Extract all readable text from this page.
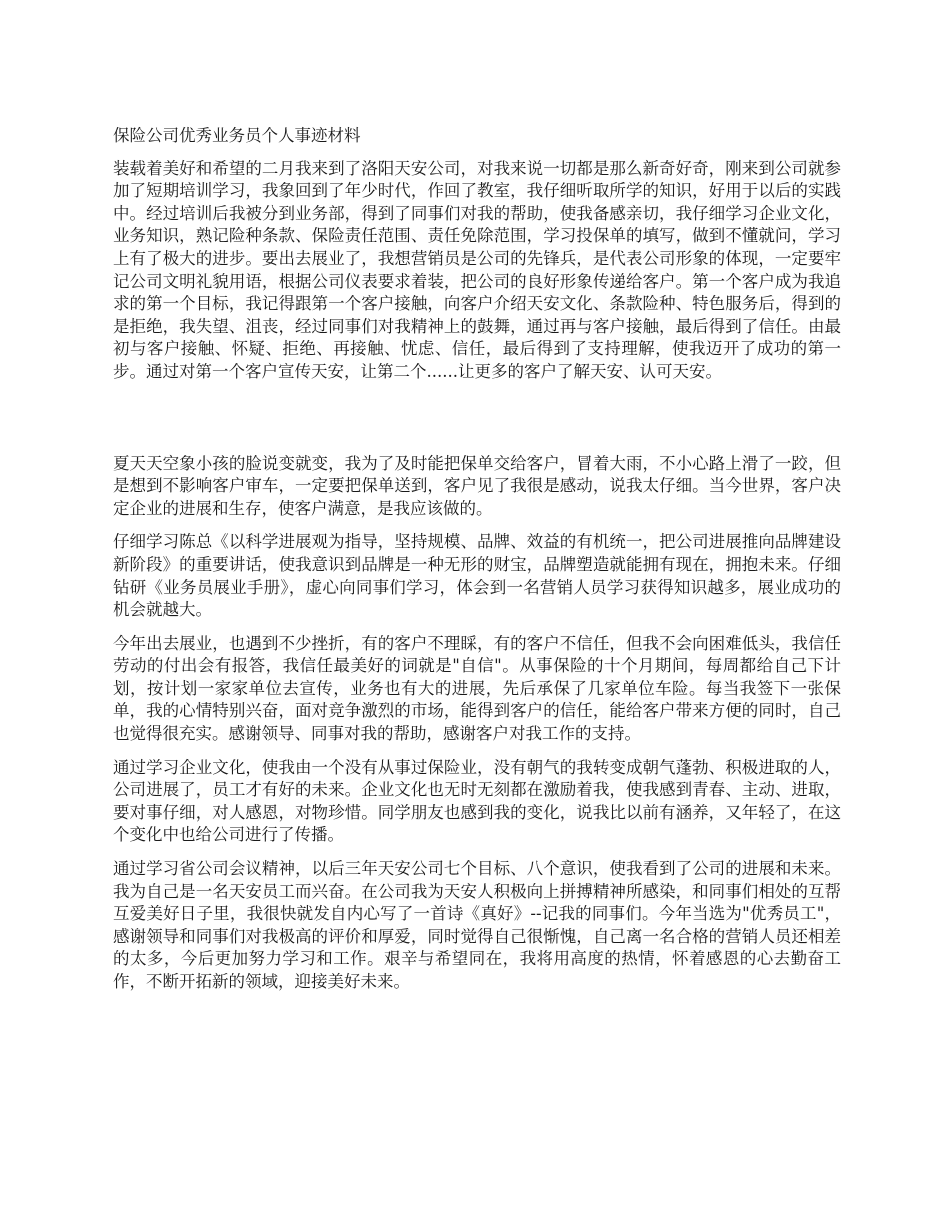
保险公司优秀业务员个人事迹材料

装载着美好和希望的二月我来到了洛阳天安公司，对我来说一切都是那么新奇好奇，刚来到公司就参加了短期培训学习，我象回到了年少时代，作回了教室，我仔细听取所学的知识，好用于以后的实践中。经过培训后我被分到业务部，得到了同事们对我的帮助，使我备感亲切，我仔细学习企业文化，业务知识，熟记险种条款、保险责任范围、责任免除范围，学习投保单的填写，做到不懂就问，学习上有了极大的进步。要出去展业了，我想营销员是公司的先锋兵，是代表公司形象的体现，一定要牢记公司文明礼貌用语，根据公司仪表要求着装，把公司的良好形象传递给客户。第一个客户成为我追求的第一个目标，我记得跟第一个客户接触，向客户介绍天安文化、条款险种、特色服务后，得到的是拒绝，我失望、沮丧，经过同事们对我精神上的鼓舞，通过再与客户接触，最后得到了信任。由最初与客户接触、怀疑、拒绝、再接触、忧虑、信任，最后得到了支持理解，使我迈开了成功的第一步。通过对第一个客户宣传天安，让第二个......让更多的客户了解天安、认可天安。

夏天天空象小孩的脸说变就变，我为了及时能把保单交给客户，冒着大雨，不小心路上滑了一跤，但是想到不影响客户审车，一定要把保单送到，客户见了我很是感动，说我太仔细。当今世界，客户决定企业的进展和生存，使客户满意，是我应该做的。

仔细学习陈总《以科学进展观为指导，坚持规模、品牌、效益的有机统一，把公司进展推向品牌建设新阶段》的重要讲话，使我意识到品牌是一种无形的财宝，品牌塑造就能拥有现在，拥抱未来。仔细钻研《业务员展业手册》，虚心向同事们学习，体会到一名营销人员学习获得知识越多，展业成功的机会就越大。

今年出去展业，也遇到不少挫折，有的客户不理睬，有的客户不信任，但我不会向困难低头，我信任劳动的付出会有报答，我信任最美好的词就是"自信"。从事保险的十个月期间，每周都给自己下计划，按计划一家家单位去宣传，业务也有大的进展，先后承保了几家单位车险。每当我签下一张保单，我的心情特别兴奋，面对竞争激烈的市场，能得到客户的信任，能给客户带来方便的同时，自己也觉得很充实。感谢领导、同事对我的帮助，感谢客户对我工作的支持。

通过学习企业文化，使我由一个没有从事过保险业，没有朝气的我转变成朝气蓬勃、积极进取的人，公司进展了，员工才有好的未来。企业文化也无时无刻都在激励着我，使我感到青春、主动、进取，要对事仔细，对人感恩，对物珍惜。同学朋友也感到我的变化，说我比以前有涵养，又年轻了，在这个变化中也给公司进行了传播。

通过学习省公司会议精神，以后三年天安公司七个目标、八个意识，使我看到了公司的进展和未来。我为自己是一名天安员工而兴奋。在公司我为天安人积极向上拼搏精神所感染，和同事们相处的互帮互爱美好日子里，我很快就发自内心写了一首诗《真好》--记我的同事们。今年当选为"优秀员工"，感谢领导和同事们对我极高的评价和厚爱，同时觉得自己很惭愧，自己离一名合格的营销人员还相差的太多，今后更加努力学习和工作。艰辛与希望同在，我将用高度的热情，怀着感恩的心去勤奋工作，不断开拓新的领域，迎接美好未来。
